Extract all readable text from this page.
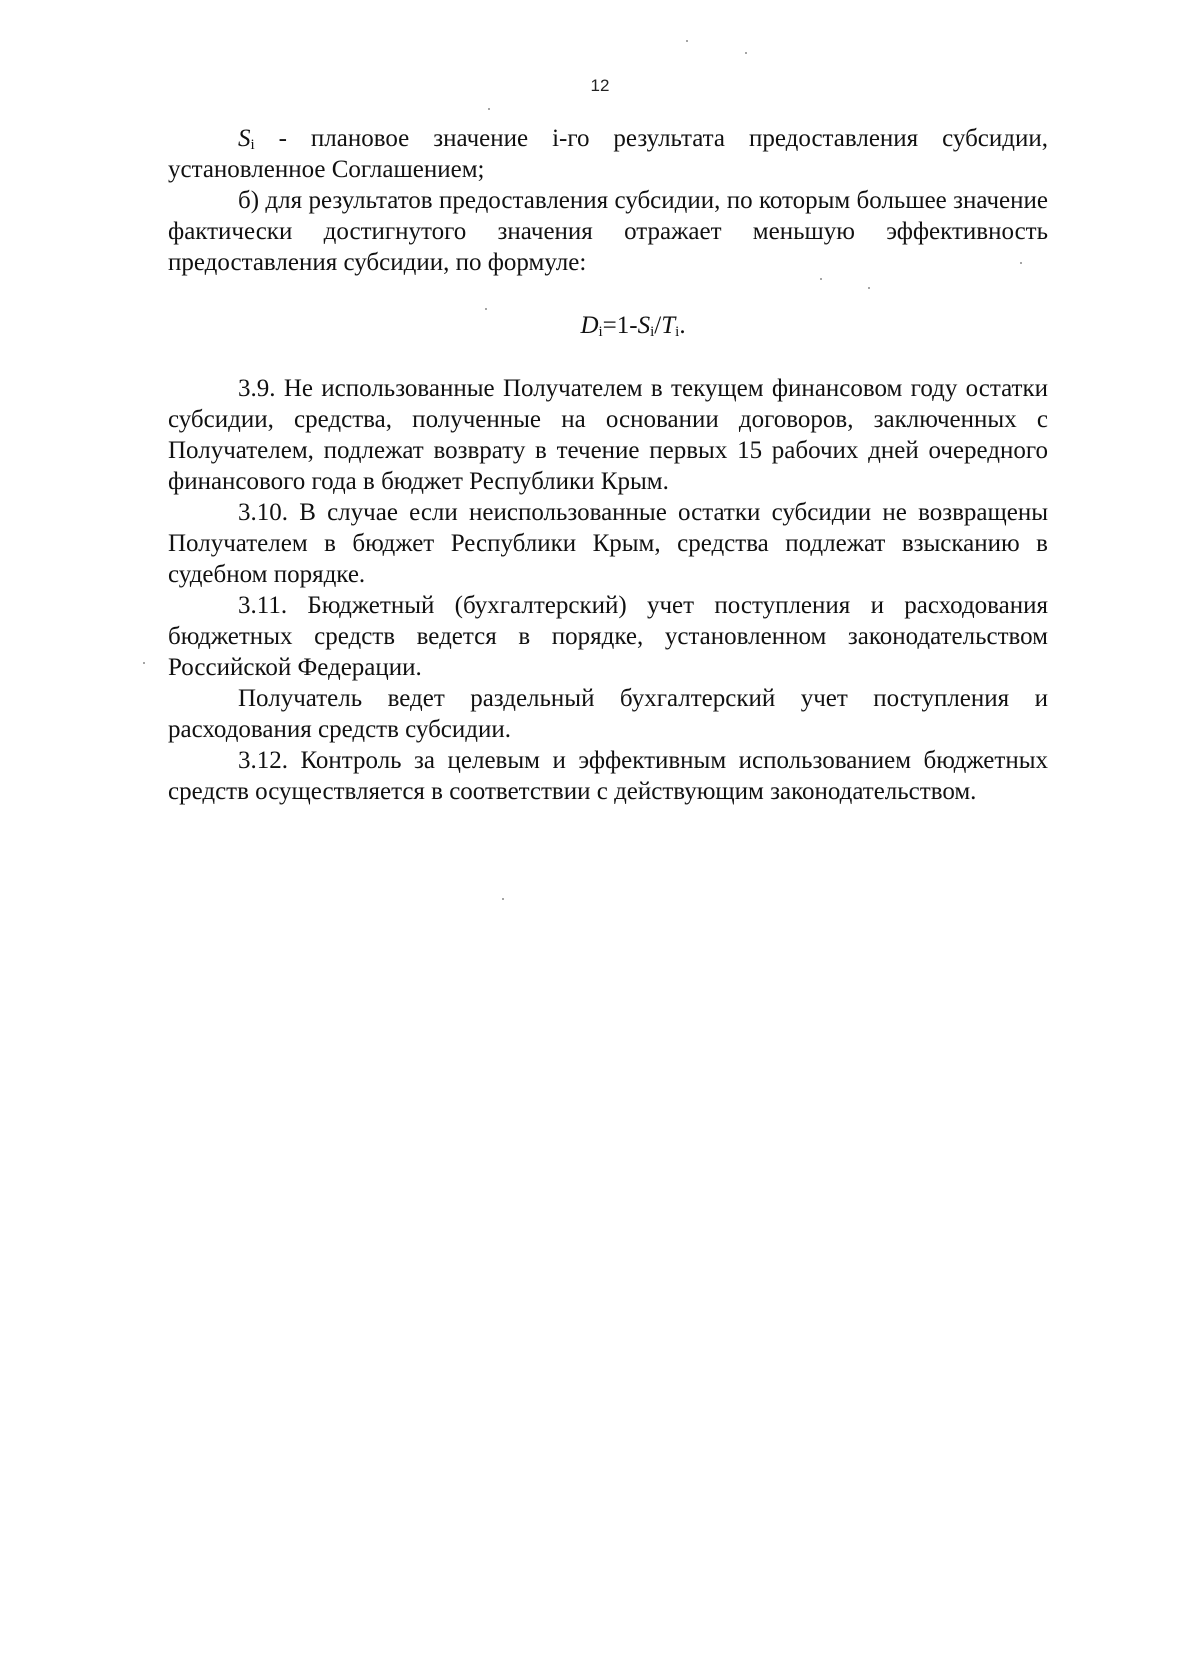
12

Si - плановое значение i-го результата предоставления субсидии, установленное Соглашением;

б) для результатов предоставления субсидии, по которым большее значение фактически достигнутого значения отражает меньшую эффективность предоставления субсидии, по формуле:

Di=1-Si/Ti.

3.9. Не использованные Получателем в текущем финансовом году остатки субсидии, средства, полученные на основании договоров, заключенных с Получателем, подлежат возврату в течение первых 15 рабочих дней очередного финансового года в бюджет Республики Крым.

3.10. В случае если неиспользованные остатки субсидии не возвращены Получателем в бюджет Республики Крым, средства подлежат взысканию в судебном порядке.

3.11. Бюджетный (бухгалтерский) учет поступления и расходования бюджетных средств ведется в порядке, установленном законодательством Российской Федерации.

Получатель ведет раздельный бухгалтерский учет поступления и расходования средств субсидии.

3.12. Контроль за целевым и эффективным использованием бюджетных средств осуществляется в соответствии с действующим законодательством.
